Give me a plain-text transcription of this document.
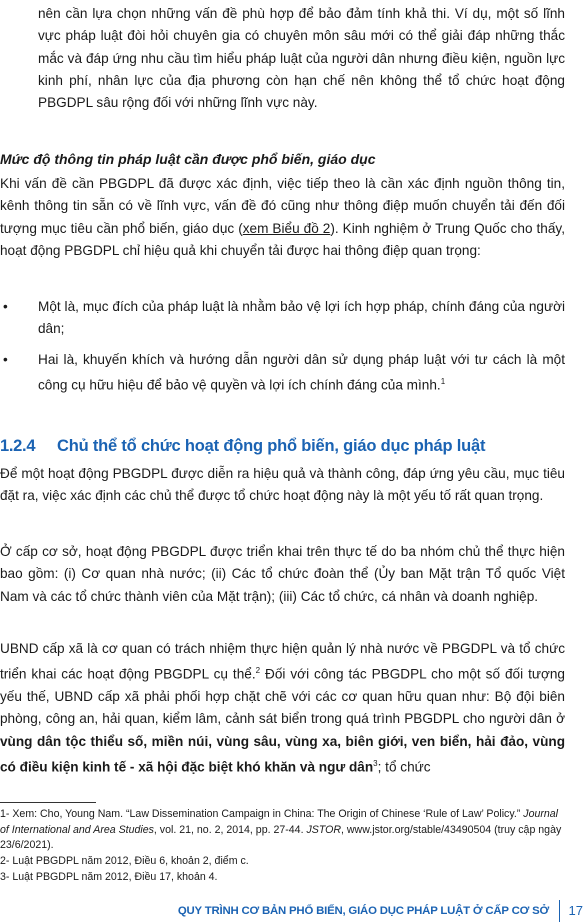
nên cần lựa chọn những vấn đề phù hợp để bảo đảm tính khả thi. Ví dụ, một số lĩnh vực pháp luật đòi hỏi chuyên gia có chuyên môn sâu mới có thể giải đáp những thắc mắc và đáp ứng nhu cầu tìm hiểu pháp luật của người dân nhưng điều kiện, nguồn lực kinh phí, nhân lực của địa phương còn hạn chế nên không thể tổ chức hoạt động PBGDPL sâu rộng đối với những lĩnh vực này.

Mức độ thông tin pháp luật cần được phổ biến, giáo dục

Khi vấn đề cần PBGDPL đã được xác định, việc tiếp theo là cần xác định nguồn thông tin, kênh thông tin sẵn có về lĩnh vực, vấn đề đó cũng như thông điệp muốn chuyển tải đến đối tượng mục tiêu cần phổ biến, giáo dục (xem Biểu đồ 2). Kinh nghiệm ở Trung Quốc cho thấy, hoạt động PBGDPL chỉ hiệu quả khi chuyển tải được hai thông điệp quan trọng:

• Một là, mục đích của pháp luật là nhằm bảo vệ lợi ích hợp pháp, chính đáng của người dân;
• Hai là, khuyến khích và hướng dẫn người dân sử dụng pháp luật với tư cách là một công cụ hữu hiệu để bảo vệ quyền và lợi ích chính đáng của mình.$^1$
1.2.4 Chủ thể tổ chức hoạt động phổ biến, giáo dục pháp luật

Để một hoạt động PBGDPL được diễn ra hiệu quả và thành công, đáp ứng yêu cầu, mục tiêu đặt ra, việc xác định các chủ thể được tổ chức hoạt động này là một yếu tố rất quan trọng.

Ở cấp cơ sở, hoạt động PBGDPL được triển khai trên thực tế do ba nhóm chủ thể thực hiện bao gồm: (i) Cơ quan nhà nước; (ii) Các tổ chức đoàn thể (Ủy ban Mặt trận Tổ quốc Việt Nam và các tổ chức thành viên của Mặt trận); (iii) Các tổ chức, cá nhân và doanh nghiệp.

UBND cấp xã là cơ quan có trách nhiệm thực hiện quản lý nhà nước về PBGDPL và tổ chức triển khai các hoạt động PBGDPL cụ thể.$^2$ Đối với công tác PBGDPL cho một số đối tượng yếu thế, UBND cấp xã phải phối hợp chặt chẽ với các cơ quan hữu quan như: Bộ đội biên phòng, công an, hải quan, kiểm lâm, cảnh sát biển trong quá trình PBGDPL cho người dân ở vùng dân tộc thiểu số, miền núi, vùng sâu, vùng xa, biên giới, ven biển, hải đảo, vùng có điều kiện kinh tế - xã hội đặc biệt khó khăn và ngư dân$^3$; tổ chức

1- Xem: Cho, Young Nam. “Law Dissemination Campaign in China: The Origin of Chinese ‘Rule of Law’ Policy.” Journal of International and Area Studies, vol. 21, no. 2, 2014, pp. 27-44. JSTOR, www.jstor.org/stable/43490504 (truy cập ngày 23/6/2021).
2- Luật PBGDPL năm 2012, Điều 6, khoản 2, điểm c.
3- Luật PBGDPL năm 2012, Điều 17, khoản 4.
QUY TRÌNH CƠ BẢN PHỔ BIẾN, GIÁO DỤC PHÁP LUẬT Ở CẤP CƠ SỞ 17
